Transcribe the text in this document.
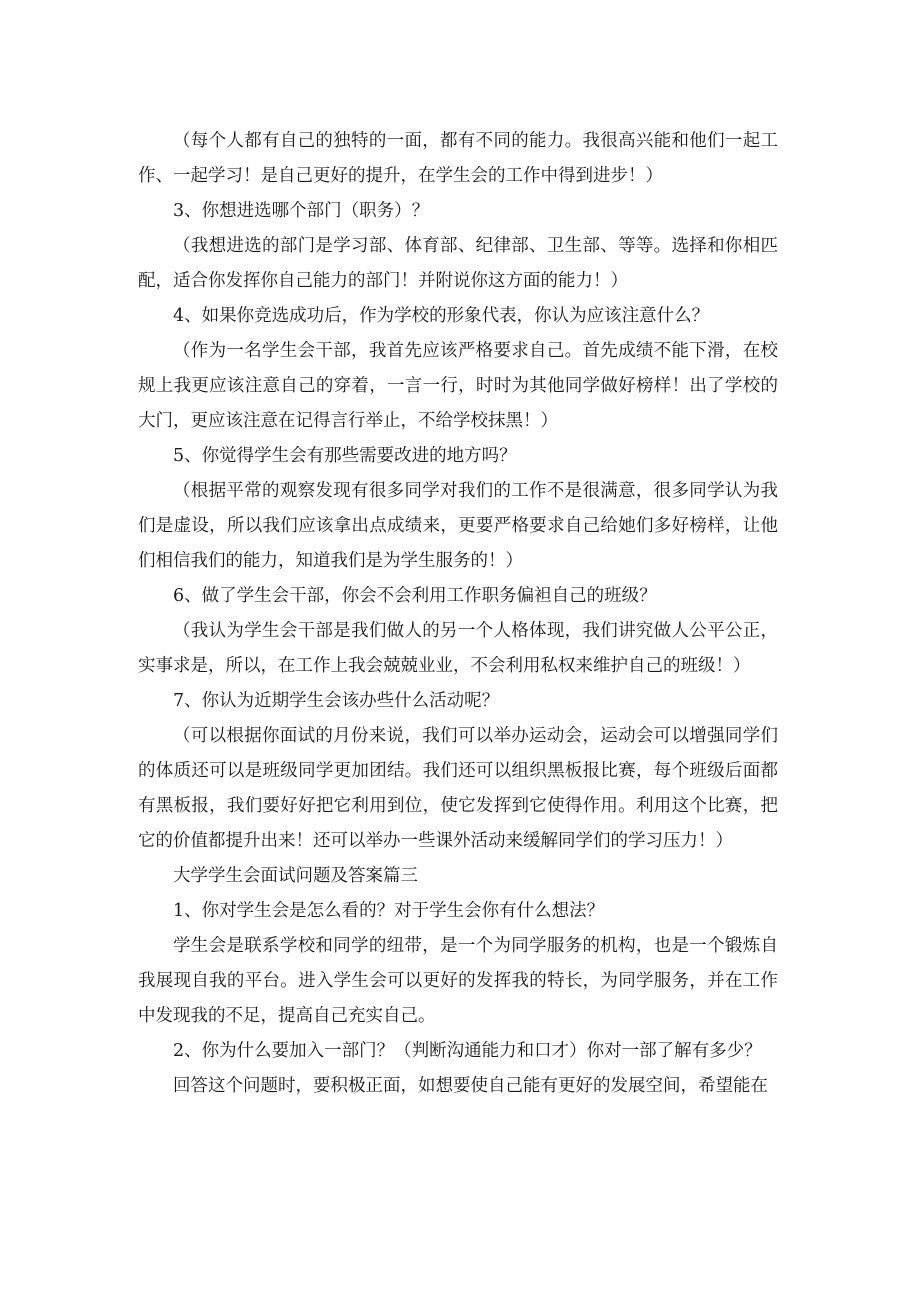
（每个人都有自己的独特的一面，都有不同的能力。我很高兴能和他们一起工作、一起学习！是自己更好的提升，在学生会的工作中得到进步！）

3、你想进选哪个部门（职务）？

（我想进选的部门是学习部、体育部、纪律部、卫生部、等等。选择和你相匹配，适合你发挥你自己能力的部门！并附说你这方面的能力！）

4、如果你竞选成功后，作为学校的形象代表，你认为应该注意什么？

（作为一名学生会干部，我首先应该严格要求自己。首先成绩不能下滑，在校规上我更应该注意自己的穿着，一言一行，时时为其他同学做好榜样！出了学校的大门，更应该注意在记得言行举止，不给学校抹黑！）

5、你觉得学生会有那些需要改进的地方吗？

（根据平常的观察发现有很多同学对我们的工作不是很满意，很多同学认为我们是虚设，所以我们应该拿出点成绩来，更要严格要求自己给她们多好榜样，让他们相信我们的能力，知道我们是为学生服务的！）

6、做了学生会干部，你会不会利用工作职务偏袒自己的班级？

（我认为学生会干部是我们做人的另一个人格体现，我们讲究做人公平公正，实事求是，所以，在工作上我会兢兢业业，不会利用私权来维护自己的班级！）

7、你认为近期学生会该办些什么活动呢？

（可以根据你面试的月份来说，我们可以举办运动会，运动会可以增强同学们的体质还可以是班级同学更加团结。我们还可以组织黑板报比赛，每个班级后面都有黑板报，我们要好好把它利用到位，使它发挥到它使得作用。利用这个比赛，把它的价值都提升出来！还可以举办一些课外活动来缓解同学们的学习压力！）

大学学生会面试问题及答案篇三

1、你对学生会是怎么看的？对于学生会你有什么想法？

学生会是联系学校和同学的纽带，是一个为同学服务的机构，也是一个锻炼自我展现自我的平台。进入学生会可以更好的发挥我的特长，为同学服务，并在工作中发现我的不足，提高自己充实自己。

2、你为什么要加入一部门？（判断沟通能力和口才）你对一部了解有多少？

回答这个问题时，要积极正面，如想要使自己能有更好的发展空间，希望能在
